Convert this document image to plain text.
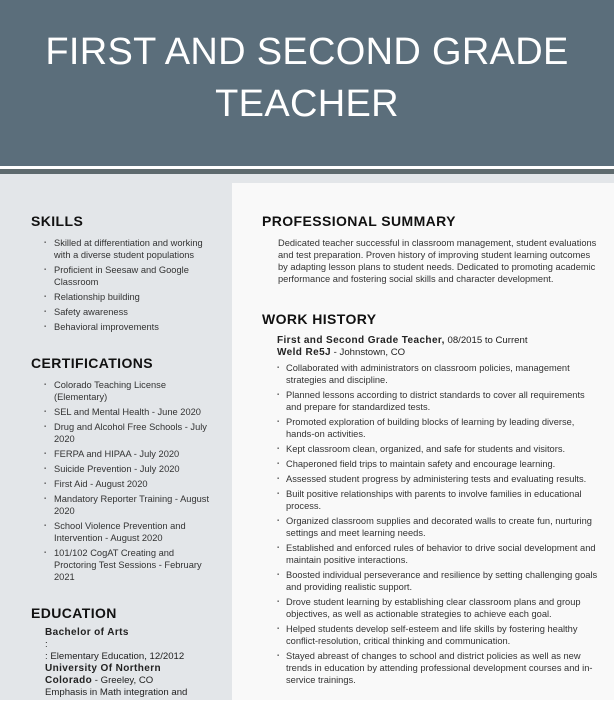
FIRST AND SECOND GRADE
TEACHER
SKILLS
▪ Skilled at differentiation and working with a diverse student populations
▪ Proficient in Seesaw and Google Classroom
▪ Relationship building
▪ Safety awareness
▪ Behavioral improvements
CERTIFICATIONS
▪ Colorado Teaching License (Elementary)
▪ SEL and Mental Health - June 2020
▪ Drug and Alcohol Free Schools - July 2020
▪ FERPA and HIPAA - July 2020
▪ Suicide Prevention - July 2020
▪ First Aid - August 2020
▪ Mandatory Reporter Training - August 2020
▪ School Violence Prevention and Intervention - August 2020
▪ 101/102 CogAT Creating and Proctoring Test Sessions - February 2021
EDUCATION
Bachelor of Arts
:
: Elementary Education, 12/2012
University Of Northern Colorado - Greeley, CO
Emphasis in Math integration and
PROFESSIONAL SUMMARY
Dedicated teacher successful in classroom management, student evaluations and test preparation. Proven history of improving student learning outcomes by adapting lesson plans to student needs. Dedicated to promoting academic performance and fostering social skills and character development.
WORK HISTORY
First and Second Grade Teacher, 08/2015 to Current
Weld Re5J - Johnstown, CO
▪ Collaborated with administrators on classroom policies, management strategies and discipline.
▪ Planned lessons according to district standards to cover all requirements and prepare for standardized tests.
▪ Promoted exploration of building blocks of learning by leading diverse, hands-on activities.
▪ Kept classroom clean, organized, and safe for students and visitors.
▪ Chaperoned field trips to maintain safety and encourage learning.
▪ Assessed student progress by administering tests and evaluating results.
▪ Built positive relationships with parents to involve families in educational process.
▪ Organized classroom supplies and decorated walls to create fun, nurturing settings and meet learning needs.
▪ Established and enforced rules of behavior to drive social development and maintain positive interactions.
▪ Boosted individual perseverance and resilience by setting challenging goals and providing realistic support.
▪ Drove student learning by establishing clear classroom plans and group objectives, as well as actionable strategies to achieve each goal.
▪ Helped students develop self-esteem and life skills by fostering healthy conflict-resolution, critical thinking and communication.
▪ Stayed abreast of changes to school and district policies as well as new trends in education by attending professional development courses and in-service trainings.
